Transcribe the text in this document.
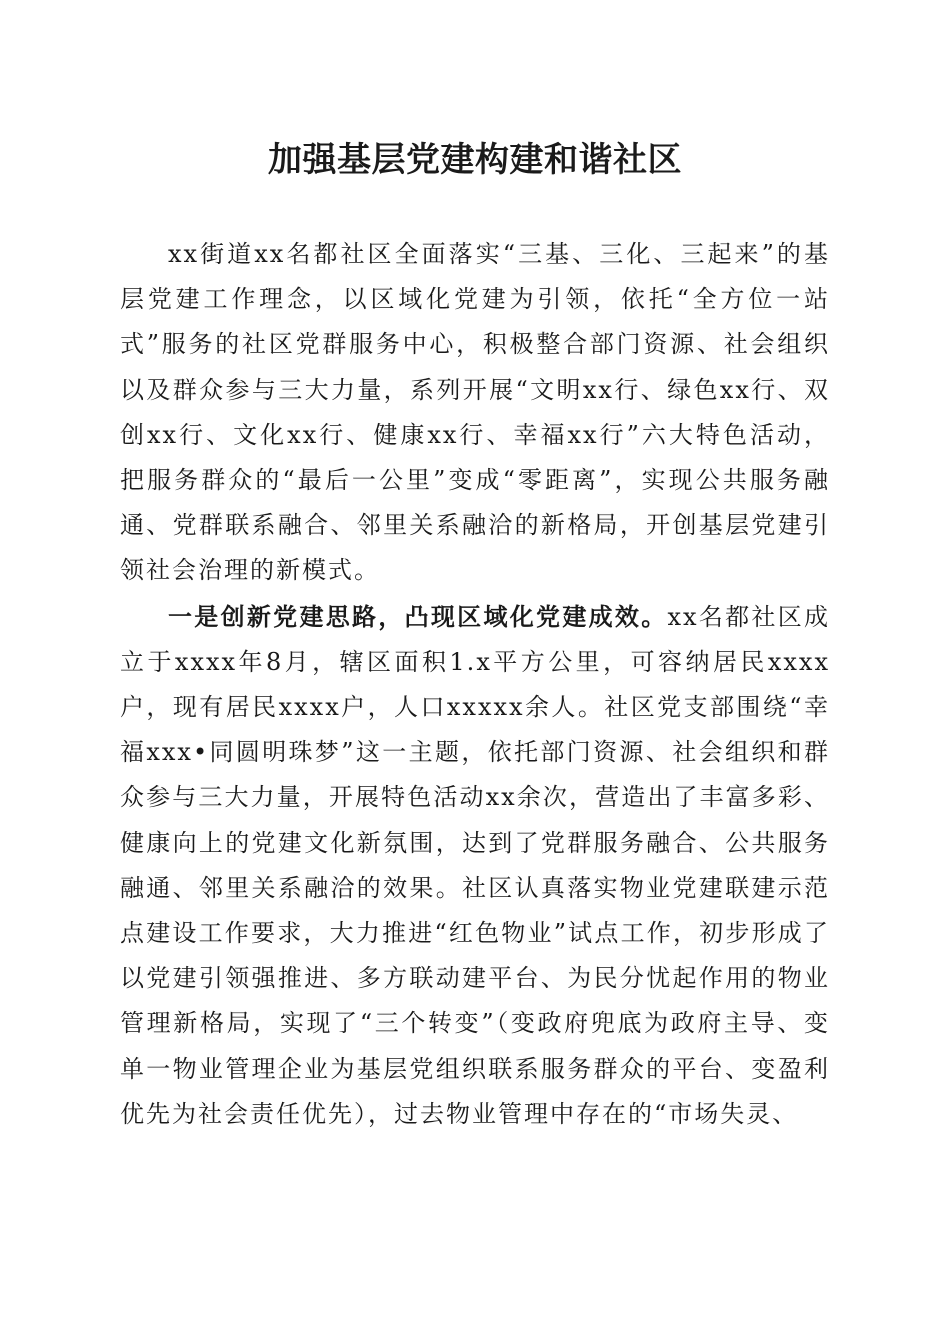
加强基层党建构建和谐社区

xx街道xx名都社区全面落实“三基、三化、三起来”的基层党建工作理念，以区域化党建为引领，依托“全方位一站式”服务的社区党群服务中心，积极整合部门资源、社会组织以及群众参与三大力量，系列开展“文明xx行、绿色xx行、双创xx行、文化xx行、健康xx行、幸福xx行”六大特色活动，把服务群众的“最后一公里”变成“零距离”，实现公共服务融通、党群联系融合、邻里关系融洽的新格局，开创基层党建引领社会治理的新模式。

一是创新党建思路，凸现区域化党建成效。xx名都社区成立于xxxx年8月，辖区面积1.x平方公里，可容纳居民xxxx户，现有居民xxxx户，人口xxxxx余人。社区党支部围绕“幸福xxx•同圆明珠梦”这一主题，依托部门资源、社会组织和群众参与三大力量，开展特色活动xx余次，营造出了丰富多彩、健康向上的党建文化新氛围，达到了党群服务融合、公共服务融通、邻里关系融洽的效果。社区认真落实物业党建联建示范点建设工作要求，大力推进“红色物业”试点工作，初步形成了以党建引领强推进、多方联动建平台、为民分忧起作用的物业管理新格局，实现了“三个转变”（变政府兜底为政府主导、变单一物业管理企业为基层党组织联系服务群众的平台、变盈利优先为社会责任优先），过去物业管理中存在的“市场失灵、
